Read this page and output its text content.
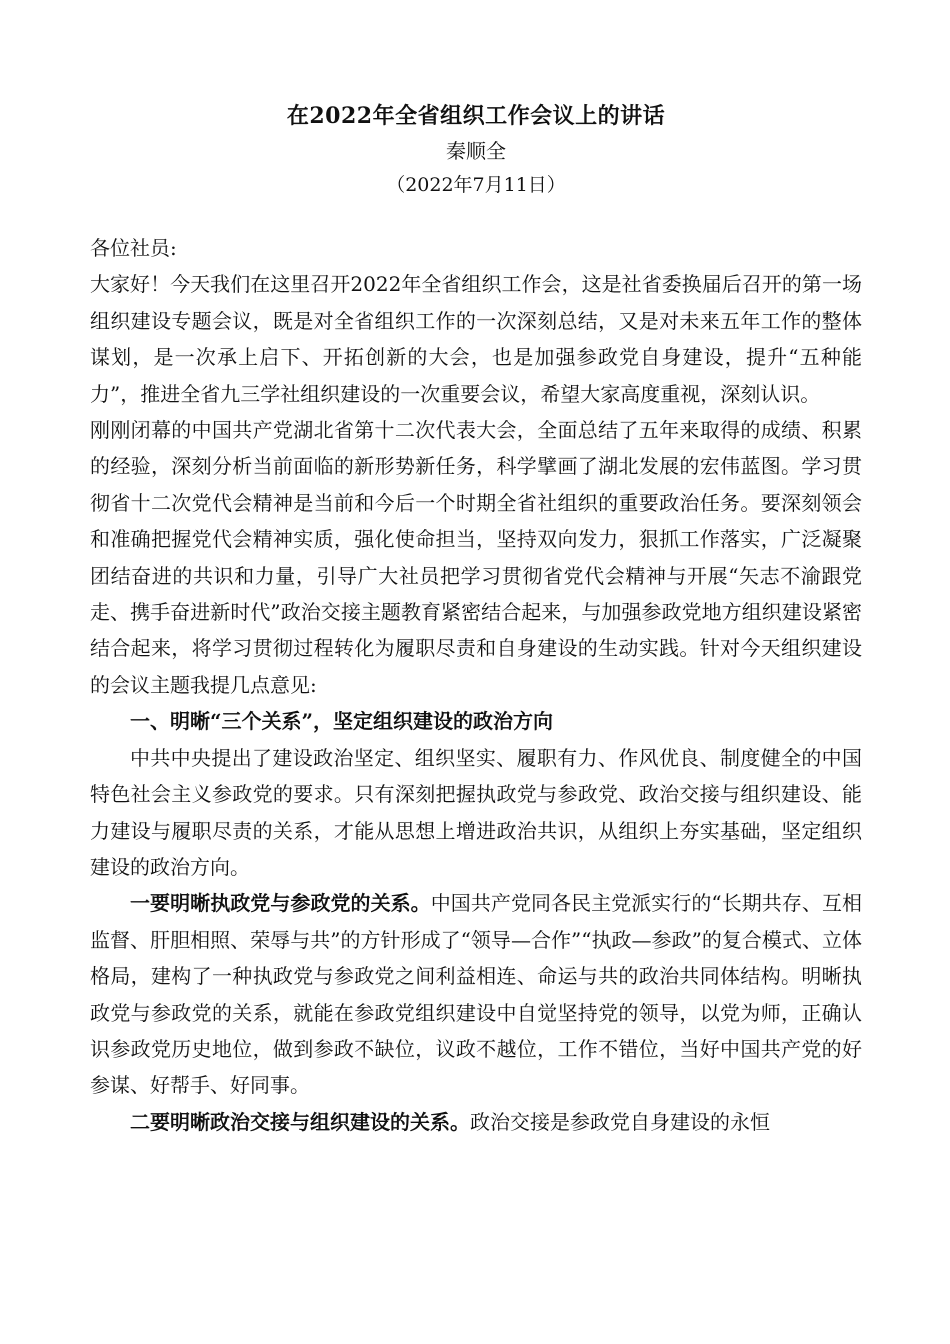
在2022年全省组织工作会议上的讲话
秦顺全
（2022年7月11日）

各位社员:

大家好！今天我们在这里召开2022年全省组织工作会，这是社省委换届后召开的第一场组织建设专题会议，既是对全省组织工作的一次深刻总结，又是对未来五年工作的整体谋划，是一次承上启下、开拓创新的大会，也是加强参政党自身建设，提升“五种能力”，推进全省九三学社组织建设的一次重要会议，希望大家高度重视，深刻认识。

刚刚闭幕的中国共产党湖北省第十二次代表大会，全面总结了五年来取得的成绩、积累的经验，深刻分析当前面临的新形势新任务，科学擘画了湖北发展的宏伟蓝图。学习贯彻省十二次党代会精神是当前和今后一个时期全省社组织的重要政治任务。要深刻领会和准确把握党代会精神实质，强化使命担当，坚持双向发力，狠抓工作落实，广泛凝聚团结奋进的共识和力量，引导广大社员把学习贯彻省党代会精神与开展“矢志不渝跟党走、携手奋进新时代”政治交接主题教育紧密结合起来，与加强参政党地方组织建设紧密结合起来，将学习贯彻过程转化为履职尽责和自身建设的生动实践。针对今天组织建设的会议主题我提几点意见:

一、明晰“三个关系”，坚定组织建设的政治方向

中共中央提出了建设政治坚定、组织坚实、履职有力、作风优良、制度健全的中国特色社会主义参政党的要求。只有深刻把握执政党与参政党、政治交接与组织建设、能力建设与履职尽责的关系，才能从思想上增进政治共识，从组织上夯实基础，坚定组织建设的政治方向。

一要明晰执政党与参政党的关系。中国共产党同各民主党派实行的“长期共存、互相监督、肝胆相照、荣辱与共”的方针形成了“领导—合作”“执政—参政”的复合模式、立体格局，建构了一种执政党与参政党之间利益相连、命运与共的政治共同体结构。明晰执政党与参政党的关系，就能在参政党组织建设中自觉坚持党的领导，以党为师，正确认识参政党历史地位，做到参政不缺位，议政不越位，工作不错位，当好中国共产党的好参谋、好帮手、好同事。

二要明晰政治交接与组织建设的关系。政治交接是参政党自身建设的永恒
